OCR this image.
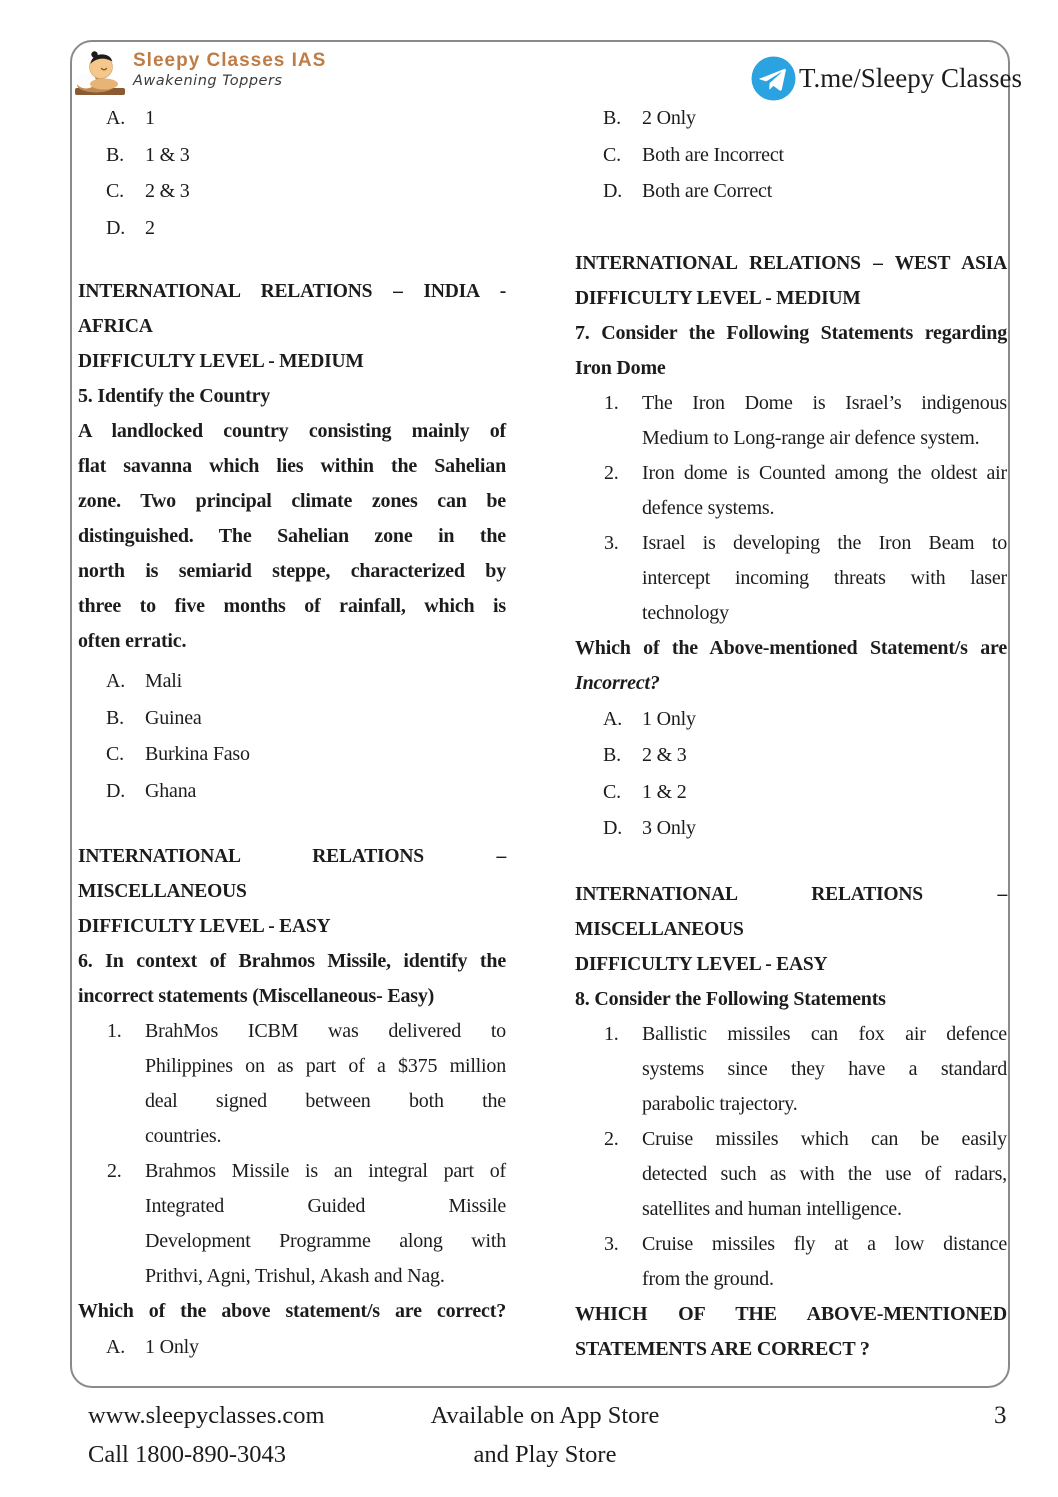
Sleepy Classes IAS
Awakening Toppers	T.me/Sleepy Classes
A. 1
B. 1 & 3
C. 2 & 3
D. 2
INTERNATIONAL RELATIONS – INDIA -
AFRICA
DIFFICULTY LEVEL - MEDIUM
5. Identify the Country
A landlocked country consisting mainly of
flat savanna which lies within the Sahelian
zone. Two principal climate zones can be
distinguished. The Sahelian zone in the
north is semiarid steppe, characterized by
three to five months of rainfall, which is
often erratic.
A. Mali
B. Guinea
C. Burkina Faso
D. Ghana
INTERNATIONAL RELATIONS –
MISCELLANEOUS
DIFFICULTY LEVEL - EASY
6. In context of Brahmos Missile, identify the
incorrect statements (Miscellaneous- Easy)
1. BrahMos ICBM was delivered to
Philippines on as part of a $375 million
deal signed between both the
countries.
2. Brahmos Missile is an integral part of
Integrated Guided Missile
Development Programme along with
Prithvi, Agni, Trishul, Akash and Nag.
Which of the above statement/s are correct?
A. 1 Only
B. 2 Only
C. Both are Incorrect
D. Both are Correct
INTERNATIONAL RELATIONS – WEST ASIA
DIFFICULTY LEVEL - MEDIUM
7. Consider the Following Statements regarding
Iron Dome
1. The Iron Dome is Israel’s indigenous
Medium to Long-range air defence system.
2. Iron dome is Counted among the oldest air
defence systems.
3. Israel is developing the Iron Beam to
intercept incoming threats with laser
technology
Which of the Above-mentioned Statement/s are
Incorrect?
A. 1 Only
B. 2 & 3
C. 1 & 2
D. 3 Only
INTERNATIONAL RELATIONS –
MISCELLANEOUS
DIFFICULTY LEVEL - EASY
8. Consider the Following Statements
1. Ballistic missiles can fox air defence
systems since they have a standard
parabolic trajectory.
2. Cruise missiles which can be easily
detected such as with the use of radars,
satellites and human intelligence.
3. Cruise missiles fly at a low distance
from the ground.
WHICH OF THE ABOVE-MENTIONED
STATEMENTS ARE CORRECT ?
www.sleepyclasses.com
Call 1800-890-3043
Available on App Store
and Play Store
3
